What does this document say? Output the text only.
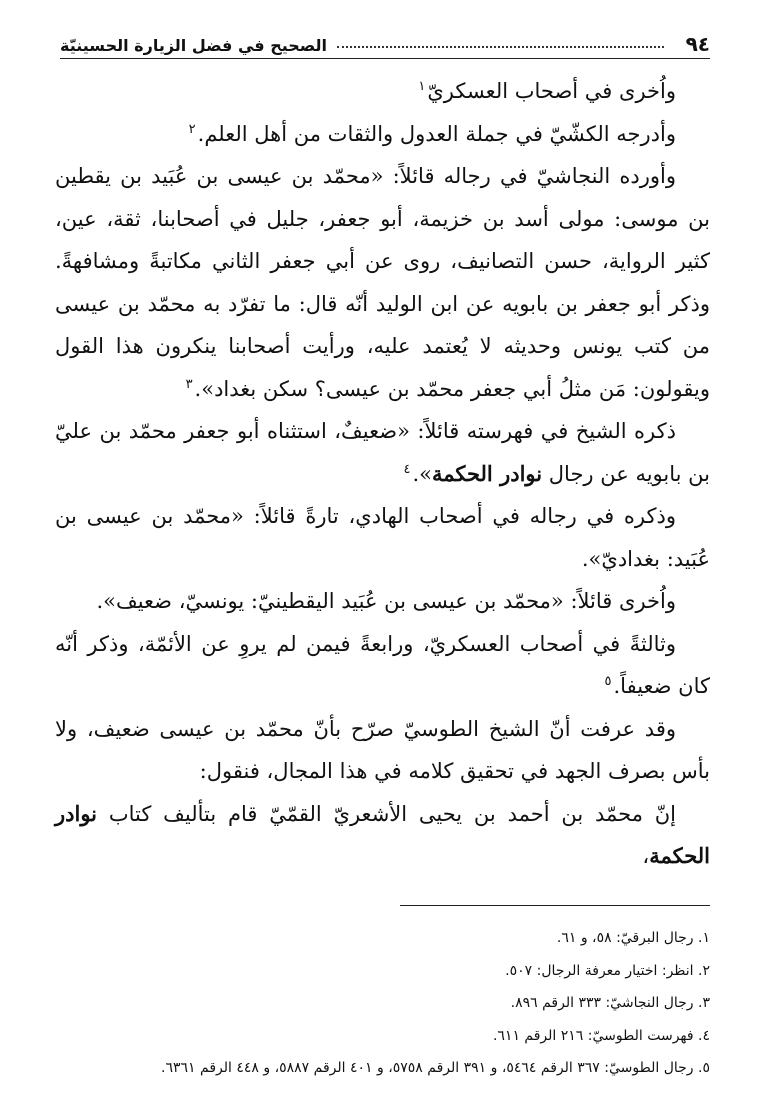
٩٤
الصحيح في فضل الزيارة الحسينيّة

واُخرى في أصحاب العسكريّ$^١$

وأدرجه الكشّيّ في جملة العدول والثقات من أهل العلم.$^٢$

وأورده النجاشيّ في رجاله قائلاً: «محمّد بن عيسى بن عُبَيد بن يقطين بن موسى: مولى أسد بن خزيمة، أبو جعفر، جليل في أصحابنا، ثقة، عين، كثير الرواية، حسن التصانيف، روى عن أبي جعفر الثاني مكاتبةً ومشافهةً. وذكر أبو جعفر بن بابويه عن ابن الوليد أنّه قال: ما تفرّد به محمّد بن عيسى من كتب يونس وحديثه لا يُعتمد عليه، ورأيت أصحابنا ينكرون هذا القول ويقولون: مَن مثلُ أبي جعفر محمّد بن عيسى؟ سكن بغداد».$^٣$

ذكره الشيخ في فهرسته قائلاً: «ضعيفٌ، استثناه أبو جعفر محمّد بن عليّ بن بابويه عن رجال نوادر الحكمة».$^٤$

وذكره في رجاله في أصحاب الهادي، تارةً قائلاً: «محمّد بن عيسى بن عُبَيد: بغداديّ».

واُخرى قائلاً: «محمّد بن عيسى بن عُبَيد اليقطينيّ: يونسيّ، ضعيف».

وثالثةً في أصحاب العسكريّ، ورابعةً فيمن لم يروِ عن الأئمّة، وذكر أنّه كان ضعيفاً.$^٥$

وقد عرفت أنّ الشيخ الطوسيّ صرّح بأنّ محمّد بن عيسى ضعيف، ولا بأس بصرف الجهد في تحقيق كلامه في هذا المجال، فنقول:

إنّ محمّد بن أحمد بن يحيى الأشعريّ القمّيّ قام بتأليف كتاب نوادر الحكمة،

١. رجال البرقيّ: ٥٨، و ٦١.

٢. انظر: اختيار معرفة الرجال: ٥٠٧.

٣. رجال النجاشيّ: ٣٣٣ الرقم ٨٩٦.

٤. فهرست الطوسيّ: ٢١٦ الرقم ٦١١.

٥. رجال الطوسيّ: ٣٦٧ الرقم ٥٤٦٤، و ٣٩١ الرقم ٥٧٥٨، و ٤٠١ الرقم ٥٨٨٧، و ٤٤٨ الرقم ٦٣٦١.
